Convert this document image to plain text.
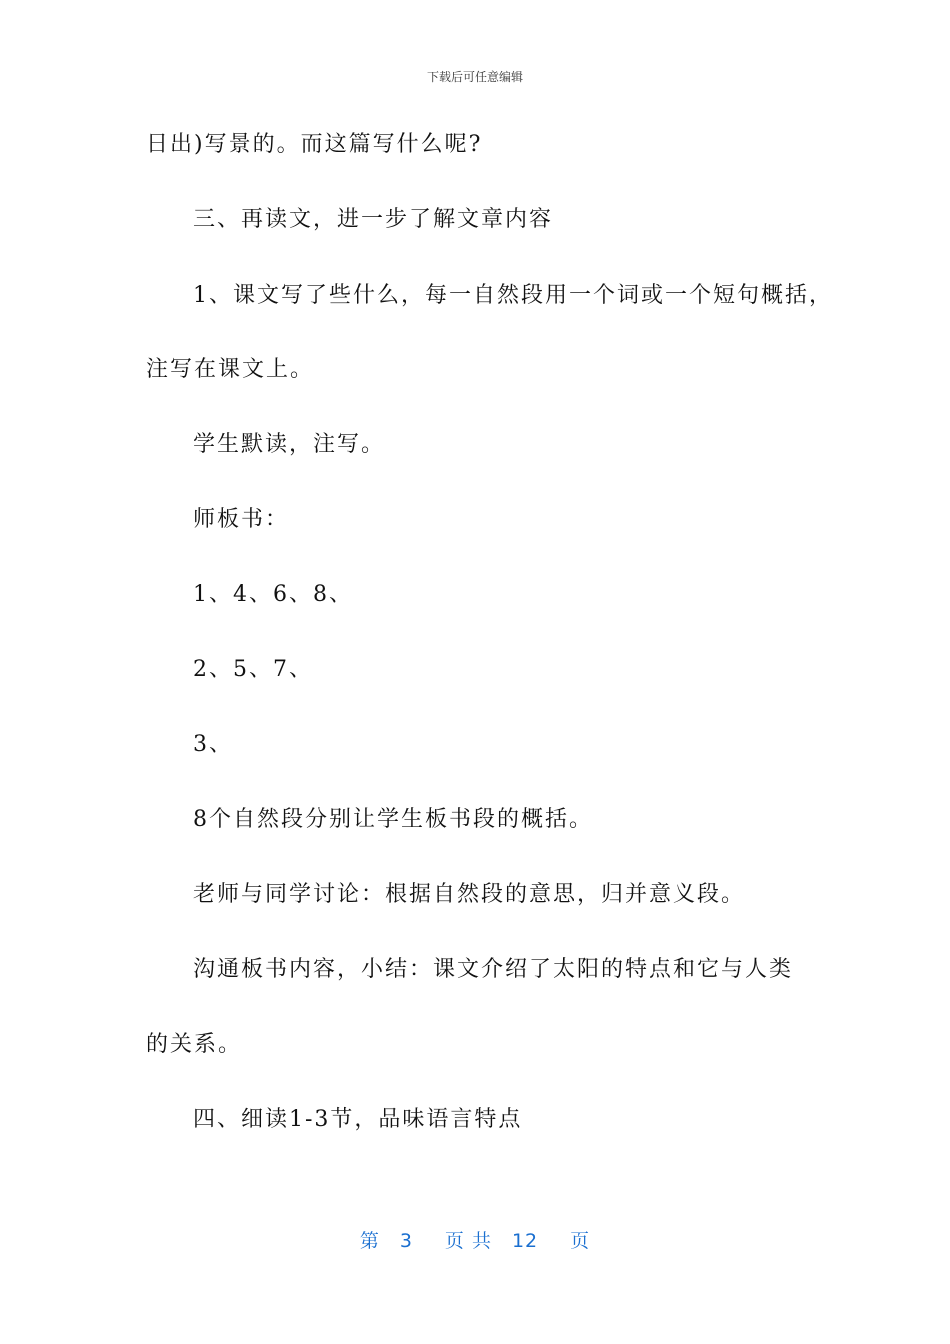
下载后可任意编辑
日出)写景的。而这篇写什么呢?
三、再读文，进一步了解文章内容
1、课文写了些什么，每一自然段用一个词或一个短句概括，
注写在课文上。
学生默读，注写。
师板书：
1、4、6、8、
2、5、7、
3、
8个自然段分别让学生板书段的概括。
老师与同学讨论：根据自然段的意思，归并意义段。
沟通板书内容，小结：课文介绍了太阳的特点和它与人类
的关系。
四、细读1-3节，品味语言特点
第 3 页 共 12 页
